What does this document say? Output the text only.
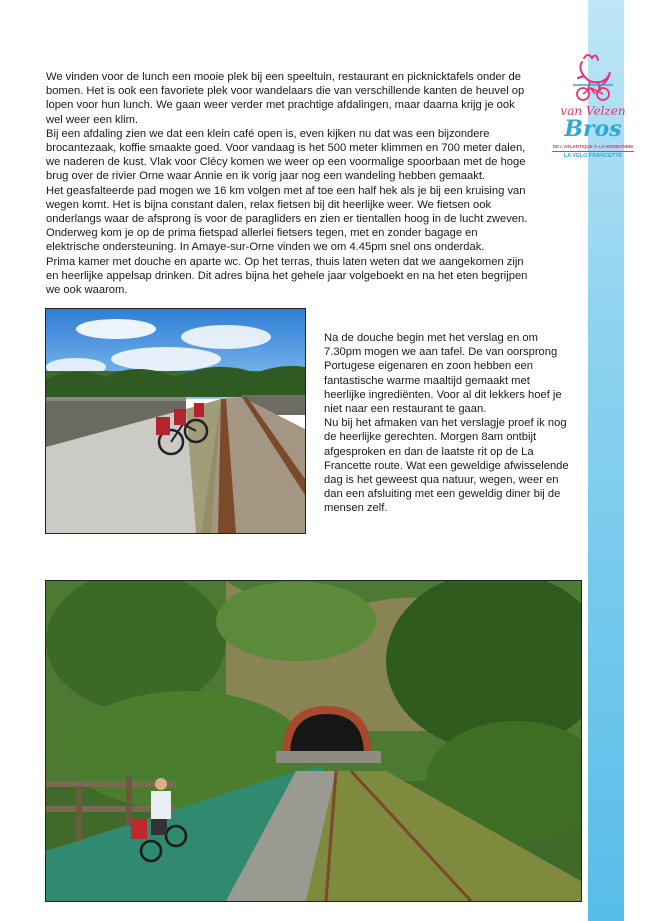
van Velzen
Bros
DE L'ATLANTIQUE À LA NORMANDIE
LA VELO FRANCETTE

We vinden voor de lunch een mooie plek bij een speeltuin, restaurant en picknicktafels onder de bomen. Het is ook een favoriete plek voor wandelaars die van verschillende kanten de heuvel op lopen voor hun lunch. We gaan weer verder met prachtige afdalingen, maar daarna krijg je ook wel weer een klim.

Bij een afdaling zien we dat een klein café open is, even kijken nu dat was een bijzondere brocantezaak, koffie smaakte goed. Voor vandaag is het 500 meter klimmen en 700 meter dalen, we naderen de kust. Vlak voor Clécy komen we weer op een voormalige spoorbaan met de hoge brug over de rivier Orne waar Annie en ik vorig jaar nog een wandeling hebben gemaakt.

Het geasfalteerde pad mogen we 16 km volgen met af toe een half hek als je bij een kruising van wegen komt. Het is bijna constant dalen, relax fietsen bij dit heerlijke weer. We fietsen ook onderlangs waar de afsprong is voor de paragliders en zien er tientallen hoog in de lucht zweven. Onderweg kom je op de prima fietspad allerlei fietsers tegen, met en zonder bagage en elektrische ondersteuning. In Amaye-sur-Orne vinden we om 4.45pm snel ons onderdak.

Prima kamer met douche en aparte wc. Op het terras, thuis laten weten dat we aangekomen zijn en heerlijke appelsap drinken. Dit adres bijna het gehele jaar volgeboekt en na het eten begrijpen we ook waarom.

Na de douche begin met het verslag en om 7.30pm mogen we aan tafel. De van oorsprong Portugese eigenaren en zoon hebben een fantastische warme maaltijd gemaakt met heerlijke ingrediënten. Voor al dit lekkers hoef je niet naar een restaurant te gaan.

Nu bij het afmaken van het verslagje proef ik nog de heerlijke gerechten. Morgen 8am ontbijt afgesproken en dan de laatste rit op de La Francette route. Wat een geweldige afwisselende dag is het geweest qua natuur, wegen, weer en dan een afsluiting met een geweldig diner bij de mensen zelf.
